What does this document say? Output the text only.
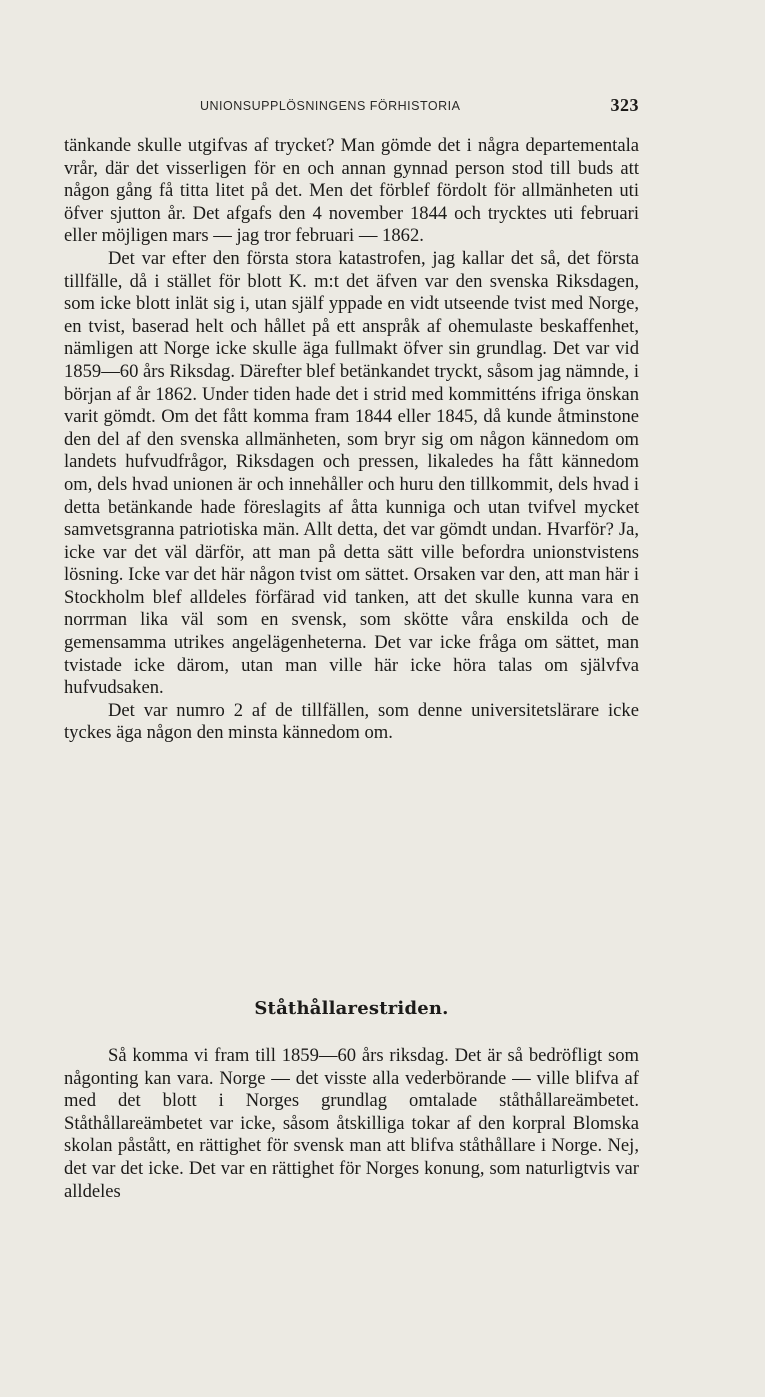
UNIONSUPPLÖSNINGENS FÖRHISTORIA	323

tänkande skulle utgifvas af trycket? Man gömde det i några departementala vrår, där det visserligen för en och annan gynnad person stod till buds att någon gång få titta litet på det. Men det förblef fördolt för allmänheten uti öfver sjutton år. Det afgafs den 4 november 1844 och trycktes uti februari eller möjligen mars — jag tror februari — 1862.

Det var efter den första stora katastrofen, jag kallar det så, det första tillfälle, då i stället för blott K. m:t det äfven var den svenska Riksdagen, som icke blott inlät sig i, utan själf yppade en vidt utseende tvist med Norge, en tvist, baserad helt och hållet på ett anspråk af ohemulaste beskaffenhet, nämligen att Norge icke skulle äga fullmakt öfver sin grundlag. Det var vid 1859—60 års Riksdag. Därefter blef betänkandet tryckt, såsom jag nämnde, i början af år 1862. Under tiden hade det i strid med kommitténs ifriga önskan varit gömdt. Om det fått komma fram 1844 eller 1845, då kunde åtminstone den del af den svenska allmänheten, som bryr sig om någon kännedom om landets hufvudfrågor, Riksdagen och pressen, likaledes ha fått kännedom om, dels hvad unionen är och innehåller och huru den tillkommit, dels hvad i detta betänkande hade föreslagits af åtta kunniga och utan tvifvel mycket samvetsgranna patriotiska män. Allt detta, det var gömdt undan. Hvarför? Ja, icke var det väl därför, att man på detta sätt ville befordra unionstvistens lösning. Icke var det här någon tvist om sättet. Orsaken var den, att man här i Stockholm blef alldeles förfärad vid tanken, att det skulle kunna vara en norrman lika väl som en svensk, som skötte våra enskilda och de gemensamma utrikes angelägenheterna. Det var icke fråga om sättet, man tvistade icke därom, utan man ville här icke höra talas om självfva hufvudsaken.

Det var numro 2 af de tillfällen, som denne universitetslärare icke tyckes äga någon den minsta kännedom om.

Ståthållarestriden.

Så komma vi fram till 1859—60 års riksdag. Det är så bedröfligt som någonting kan vara. Norge — det visste alla vederbörande — ville blifva af med det blott i Norges grundlag omtalade ståthållareämbetet. Ståthållareämbetet var icke, såsom åtskilliga tokar af den korpral Blomska skolan påstått, en rättighet för svensk man att blifva ståthållare i Norge. Nej, det var det icke. Det var en rättighet för Norges konung, som naturligtvis var alldeles
